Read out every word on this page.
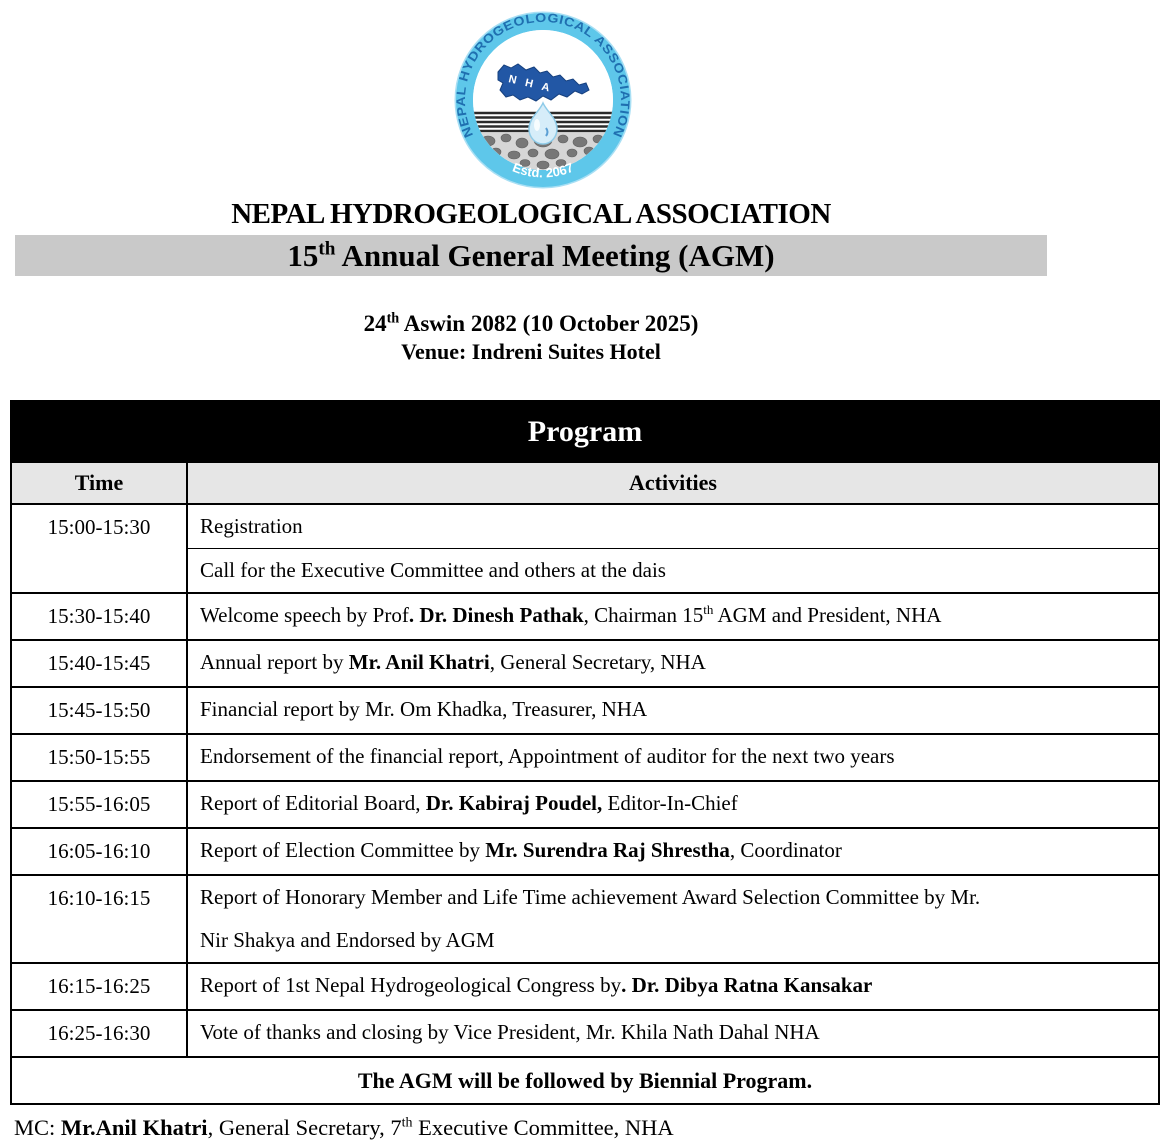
NEPAL HYDROGEOLOGICAL ASSOCIATION
NHA
Estd. 2067
NEPAL HYDROGEOLOGICAL ASSOCIATION
15th Annual General Meeting (AGM)
24th Aswin 2082 (10 October 2025)
Venue: Indreni Suites Hotel
Program	
Time	Activities
15:00-15:30	Registration
	Call for the Executive Committee and others at the dais
15:30-15:40	Welcome speech by Prof. Dr. Dinesh Pathak, Chairman 15th AGM and President, NHA
15:40-15:45	Annual report by Mr. Anil Khatri, General Secretary, NHA
15:45-15:50	Financial report by Mr. Om Khadka, Treasurer, NHA
15:50-15:55	Endorsement of the financial report, Appointment of auditor for the next two years
15:55-16:05	Report of Editorial Board, Dr. Kabiraj Poudel, Editor-In-Chief
16:05-16:10	Report of Election Committee by Mr. Surendra Raj Shrestha, Coordinator
16:10-16:15	Report of Honorary Member and Life Time achievement Award Selection Committee by Mr.
Nir Shakya and Endorsed by AGM
16:15-16:25	Report of 1st Nepal Hydrogeological Congress by. Dr. Dibya Ratna Kansakar
16:25-16:30	Vote of thanks and closing by Vice President, Mr. Khila Nath Dahal NHA
The AGM will be followed by Biennial Program.	
MC: Mr.Anil Khatri, General Secretary, 7th Executive Committee, NHA
